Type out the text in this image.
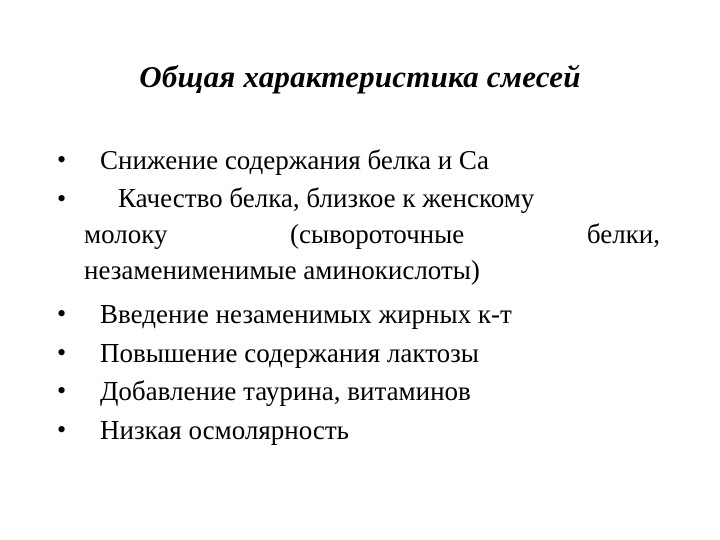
Общая характеристика смесей
• Снижение содержания белка и Са
•	Качество белка, близкое к женскому
молоку (сывороточные белки,
незаменименимые аминокислоты)
• Введение незаменимых жирных к-т
• Повышение содержания лактозы
• Добавление таурина, витаминов
• Низкая осмолярность
